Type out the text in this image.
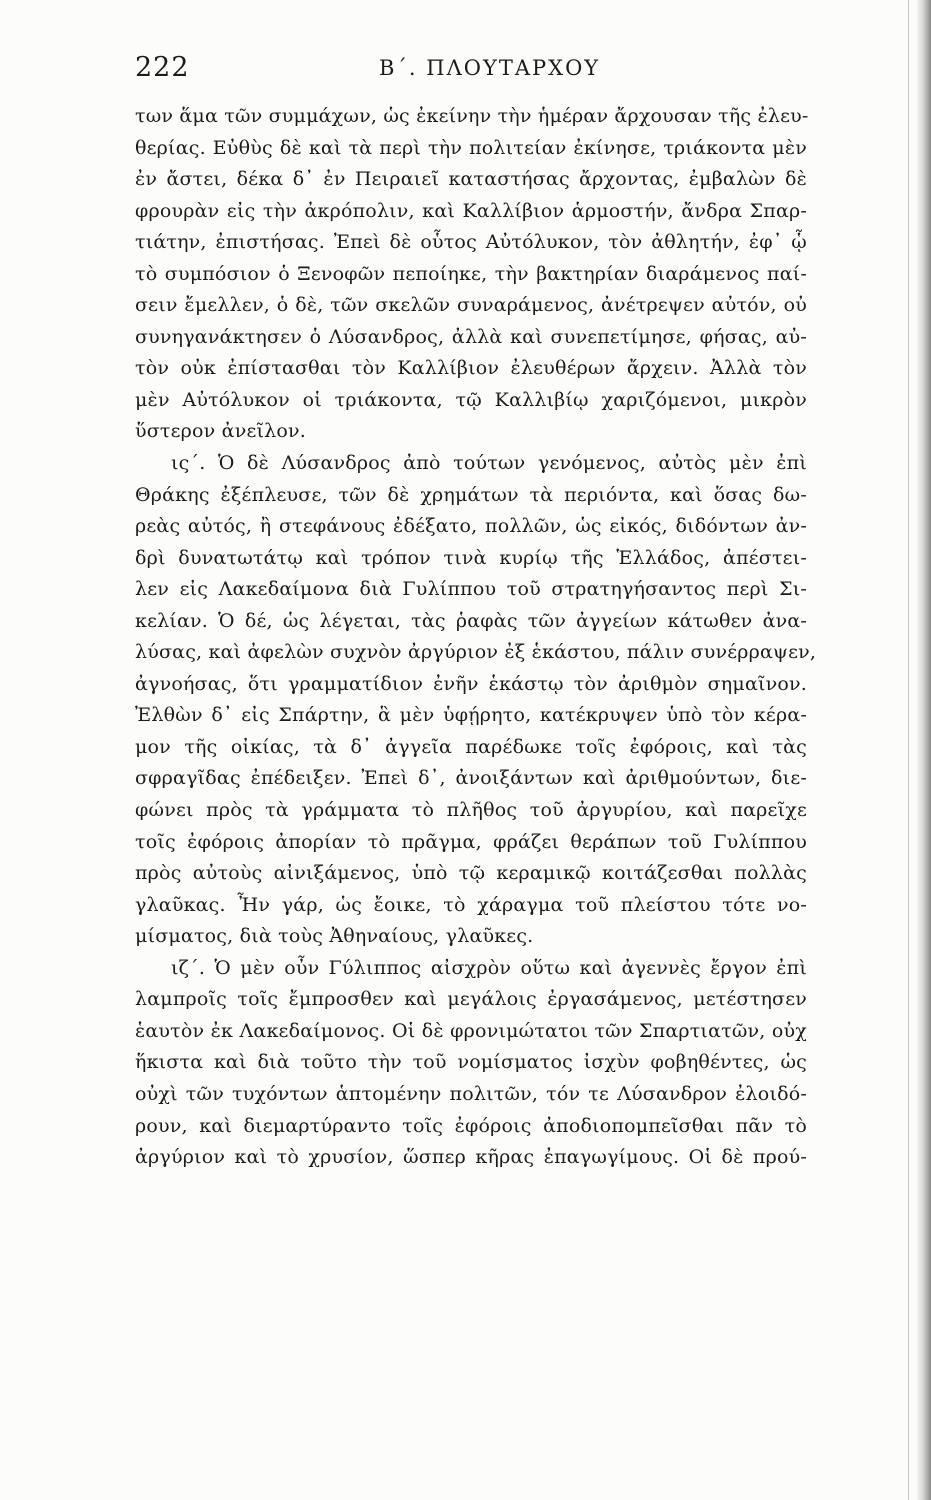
222	Β΄. ΠΛΟΥΤΑΡΧΟΥ
των ἅμα τῶν συμμάχων, ὡς ἐκείνην τὴν ἡμέραν ἄρχουσαν τῆς ἐλευ-
θερίας. Εὐθὺς δὲ καὶ τὰ περὶ τὴν πολιτείαν ἐκίνησε, τριάκοντα μὲν
ἐν ἄστει, δέκα δ᾽ ἐν Πειραιεῖ καταστήσας ἄρχοντας, ἐμβαλὼν δὲ
φρουρὰν εἰς τὴν ἀκρόπολιν, καὶ Καλλίβιον ἁρμοστήν, ἄνδρα Σπαρ-
τιάτην, ἐπιστήσας. Ἐπεὶ δὲ οὗτος Αὐτόλυκον, τὸν ἀθλητήν, ἐφ᾽ ᾧ
τὸ συμπόσιον ὁ Ξενοφῶν πεποίηκε, τὴν βακτηρίαν διαράμενος παί-
σειν ἔμελλεν, ὁ δὲ, τῶν σκελῶν συναράμενος, ἀνέτρεψεν αὐτόν, οὐ
συνηγανάκτησεν ὁ Λύσανδρος, ἀλλὰ καὶ συνεπετίμησε, φήσας, αὐ-
τὸν οὐκ ἐπίστασθαι τὸν Καλλίβιον ἐλευθέρων ἄρχειν. Ἀλλὰ τὸν
μὲν Αὐτόλυκον οἱ τριάκοντα, τῷ Καλλιβίῳ χαριζόμενοι, μικρὸν
ὕστερον ἀνεῖλον.
ις΄. Ὁ δὲ Λύσανδρος ἀπὸ τούτων γενόμενος, αὐτὸς μὲν ἐπὶ
Θράκης ἐξέπλευσε, τῶν δὲ χρημάτων τὰ περιόντα, καὶ ὅσας δω-
ρεὰς αὐτός, ἢ στεφάνους ἐδέξατο, πολλῶν, ὡς εἰκός, διδόντων ἀν-
δρὶ δυνατωτάτῳ καὶ τρόπον τινὰ κυρίῳ τῆς Ἑλλάδος, ἀπέστει-
λεν εἰς Λακεδαίμονα διὰ Γυλίππου τοῦ στρατηγήσαντος περὶ Σι-
κελίαν. Ὁ δέ, ὡς λέγεται, τὰς ῥαφὰς τῶν ἀγγείων κάτωθεν ἀνα-
λύσας, καὶ ἀφελὼν συχνὸν ἀργύριον ἐξ ἑκάστου, πάλιν συνέρραψεν,
ἀγνοήσας, ὅτι γραμματίδιον ἐνῆν ἑκάστῳ τὸν ἀριθμὸν σημαῖνον.
Ἐλθὼν δ᾽ εἰς Σπάρτην, ἃ μὲν ὑφῄρητο, κατέκρυψεν ὑπὸ τὸν κέρα-
μον τῆς οἰκίας, τὰ δ᾽ ἀγγεῖα παρέδωκε τοῖς ἐφόροις, καὶ τὰς
σφραγῖδας ἐπέδειξεν. Ἐπεὶ δ᾽, ἀνοιξάντων καὶ ἀριθμούντων, διε-
φώνει πρὸς τὰ γράμματα τὸ πλῆθος τοῦ ἀργυρίου, καὶ παρεῖχε
τοῖς ἐφόροις ἀπορίαν τὸ πρᾶγμα, φράζει θεράπων τοῦ Γυλίππου
πρὸς αὐτοὺς αἰνιξάμενος, ὑπὸ τῷ κεραμικῷ κοιτάζεσθαι πολλὰς
γλαῦκας. Ἦν γάρ, ὡς ἔοικε, τὸ χάραγμα τοῦ πλείστου τότε νο-
μίσματος, διὰ τοὺς Ἀθηναίους, γλαῦκες.
ιζ΄. Ὁ μὲν οὖν Γύλιππος αἰσχρὸν οὕτω καὶ ἀγεννὲς ἔργον ἐπὶ
λαμπροῖς τοῖς ἔμπροσθεν καὶ μεγάλοις ἐργασάμενος, μετέστησεν
ἑαυτὸν ἐκ Λακεδαίμονος. Οἱ δὲ φρονιμώτατοι τῶν Σπαρτιατῶν, οὐχ
ἥκιστα καὶ διὰ τοῦτο τὴν τοῦ νομίσματος ἰσχὺν φοβηθέντες, ὡς
οὐχὶ τῶν τυχόντων ἁπτομένην πολιτῶν, τόν τε Λύσανδρον ἐλοιδό-
ρουν, καὶ διεμαρτύραντο τοῖς ἐφόροις ἀποδιοπομπεῖσθαι πᾶν τὸ
ἀργύριον καὶ τὸ χρυσίον, ὥσπερ κῆρας ἐπαγωγίμους. Οἱ δὲ πρού-
